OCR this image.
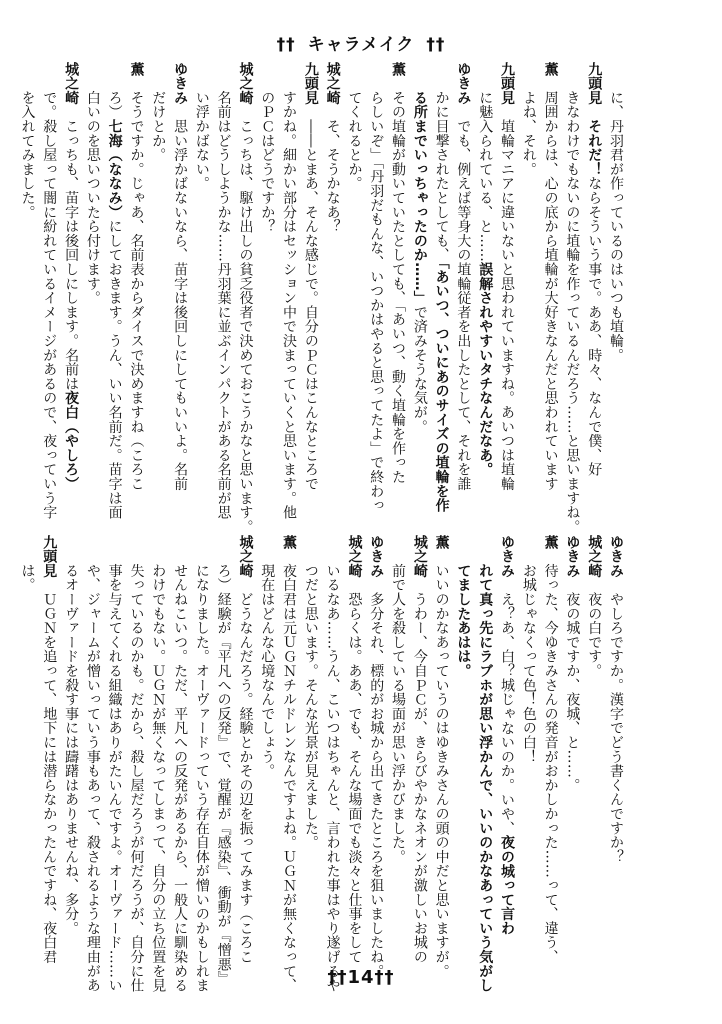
†† キャラメイク ††
　　に、丹羽君が作っているのはいつも埴輪。
九頭見　それだ！ならそういう事で。ああ、時々、なんで僕、好
　　きなわけでもないのに埴輪を作っているんだろう……と思いますね。
薫　周囲からは、心の底から埴輪が大好きなんだと思われています
　　よね、それ。
九頭見　埴輪マニアに違いないと思われていますね。あいつは埴輪
　　に魅入られている、と……誤解されやすいタチなんだなあ。
ゆきみ　でも、例えば等身大の埴輪従者を出したとして、それを誰
　　かに目撃されたとしても、「あいつ、ついにあのサイズの埴輪を作
　　る所までいっちゃったのか……」で済みそうな気が。
薫　その埴輪が動いていたとしても、「あいつ、動く埴輪を作った
　　らしいぞ」「丹羽だもんな、いつかはやると思ってたよ」で終わっ
　　てくれるとか。
城之崎　そ、そうかなあ？
九頭見　――とまあ、そんな感じで。自分のＰＣはこんなところで
　　すかね。細かい部分はセッション中で決まっていくと思います。他
　　のＰＣはどうですか？
城之崎　こっちは、駆け出しの貧乏役者で決めておこうかなと思います。
　　名前はどうしようかな……丹羽葉に並ぶインパクトがある名前が思
　　い浮かばない。
ゆきみ　思い浮かばないなら、苗字は後回しにしてもいいよ。名前
　　だけとか。
薫　そうですか。じゃあ、名前表からダイスで決めますね（ころこ
　　ろ）七海（ななみ）にしておきます。うん、いい名前だ。苗字は面
　　白いのを思いついたら付けます。
城之崎　こっちも、苗字は後回しにします。名前は夜白（やしろ）
　　で。殺し屋って闇に紛れているイメージがあるので、夜っていう字
　　を入れてみました。
ゆきみ　やしろですか。漢字でどう書くんですか？
城之崎　夜の白です。
ゆきみ　夜の城ですか、夜城、と……。
薫　待った、今ゆきみさんの発音がおかしかった……って、違う、
　　お城じゃなくって色！色の白！
ゆきみ　え？あ、白？城じゃないのか。いや、夜の城って言わ
　　れて真っ先にラブホが思い浮かんで、いいのかなあっていう気がし
　　てましたあはは。
薫　いいのかなあっていうのはゆきみさんの頭の中だと思いますが。
城之崎　うわー、今自ＰＣが、きらびやかなネオンが激しいお城の
　　前で人を殺している場面が思い浮かびました。
ゆきみ　多分それ、標的がお城から出てきたところを狙いましたね。
城之崎　恐らくは。ああ、でも、そんな場面でも淡々と仕事をして
　　いるなあ……うん、こいつはちゃんと、言われた事はやり遂げるや
　　つだと思います。そんな光景が見えました。
薫　夜白君は元ＵＧＮチルドレンなんですよね。ＵＧＮが無くなって、
　　現在はどんな心境なんでしょう。
城之崎　どうなんだろう。経験とかその辺を振ってみます（ころこ
　　ろ）経験が『平凡への反発』で、覚醒が『感染』、衝動が『憎悪』
　　になりました。オーヴァードっていう存在自体が憎いのかもしれま
　　せんねこいつ。ただ、平凡への反発があるから、一般人に馴染める
　　わけでもない。ＵＧＮが無くなってしまって、自分の立ち位置を見
　　失っているのかも。だから、殺し屋だろうが何だろうが、自分に仕
　　事を与えてくれる組織はありがたいんですよ。オーヴァード……い
　　や、ジャームが憎いっていう事もあって、殺されるような理由があ
　　るオーヴァードを殺す事には躊躇はありませんね、多分。
九頭見　ＵＧＮを追って、地下には潜らなかったんですね、夜白君
　　は。
††14††
